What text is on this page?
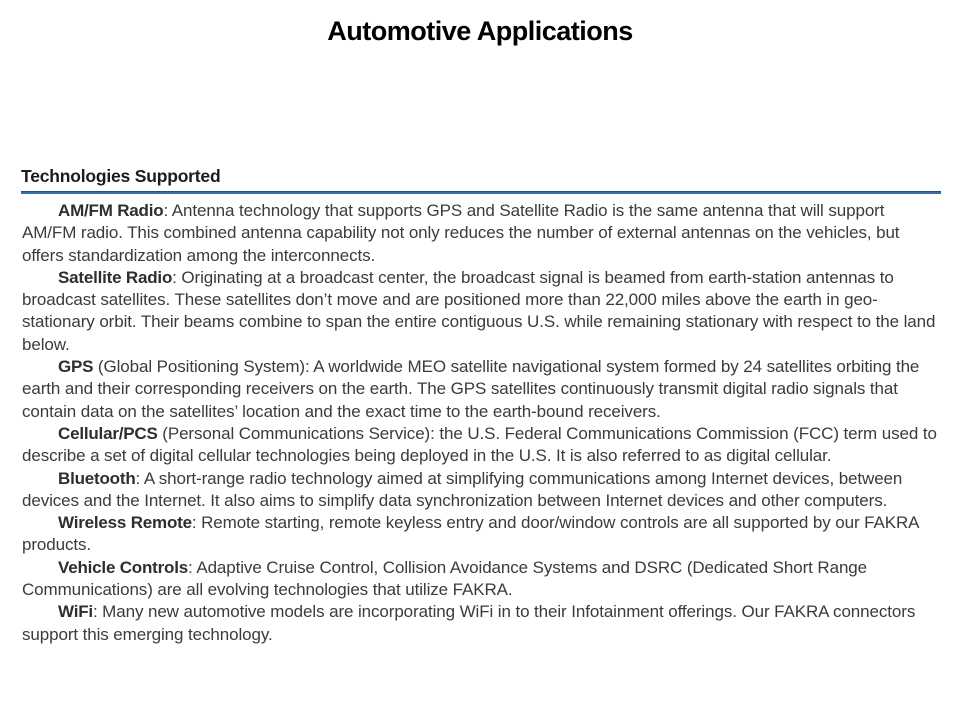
Automotive Applications
Technologies Supported

AM/FM Radio: Antenna technology that supports GPS and Satellite Radio is the same antenna that will support AM/FM radio. This combined antenna capability not only reduces the number of external antennas on the vehicles, but offers standardization among the interconnects.

Satellite Radio: Originating at a broadcast center, the broadcast signal is beamed from earth-station antennas to broadcast satellites. These satellites don’t move and are positioned more than 22,000 miles above the earth in geo-stationary orbit. Their beams combine to span the entire contiguous U.S. while remaining stationary with respect to the land below.

GPS (Global Positioning System): A worldwide MEO satellite navigational system formed by 24 satellites orbiting the earth and their corresponding receivers on the earth. The GPS satellites continuously transmit digital radio signals that contain data on the satellites’ location and the exact time to the earth-bound receivers.

Cellular/PCS (Personal Communications Service): the U.S. Federal Communications Commission (FCC) term used to describe a set of digital cellular technologies being deployed in the U.S. It is also referred to as digital cellular.

Bluetooth: A short-range radio technology aimed at simplifying communications among Internet devices, between devices and the Internet. It also aims to simplify data synchronization between Internet devices and other computers.

Wireless Remote: Remote starting, remote keyless entry and door/window controls are all supported by our FAKRA products.

Vehicle Controls: Adaptive Cruise Control, Collision Avoidance Systems and DSRC (Dedicated Short Range Communications) are all evolving technologies that utilize FAKRA.

WiFi: Many new automotive models are incorporating WiFi in to their Infotainment offerings. Our FAKRA connectors support this emerging technology.
